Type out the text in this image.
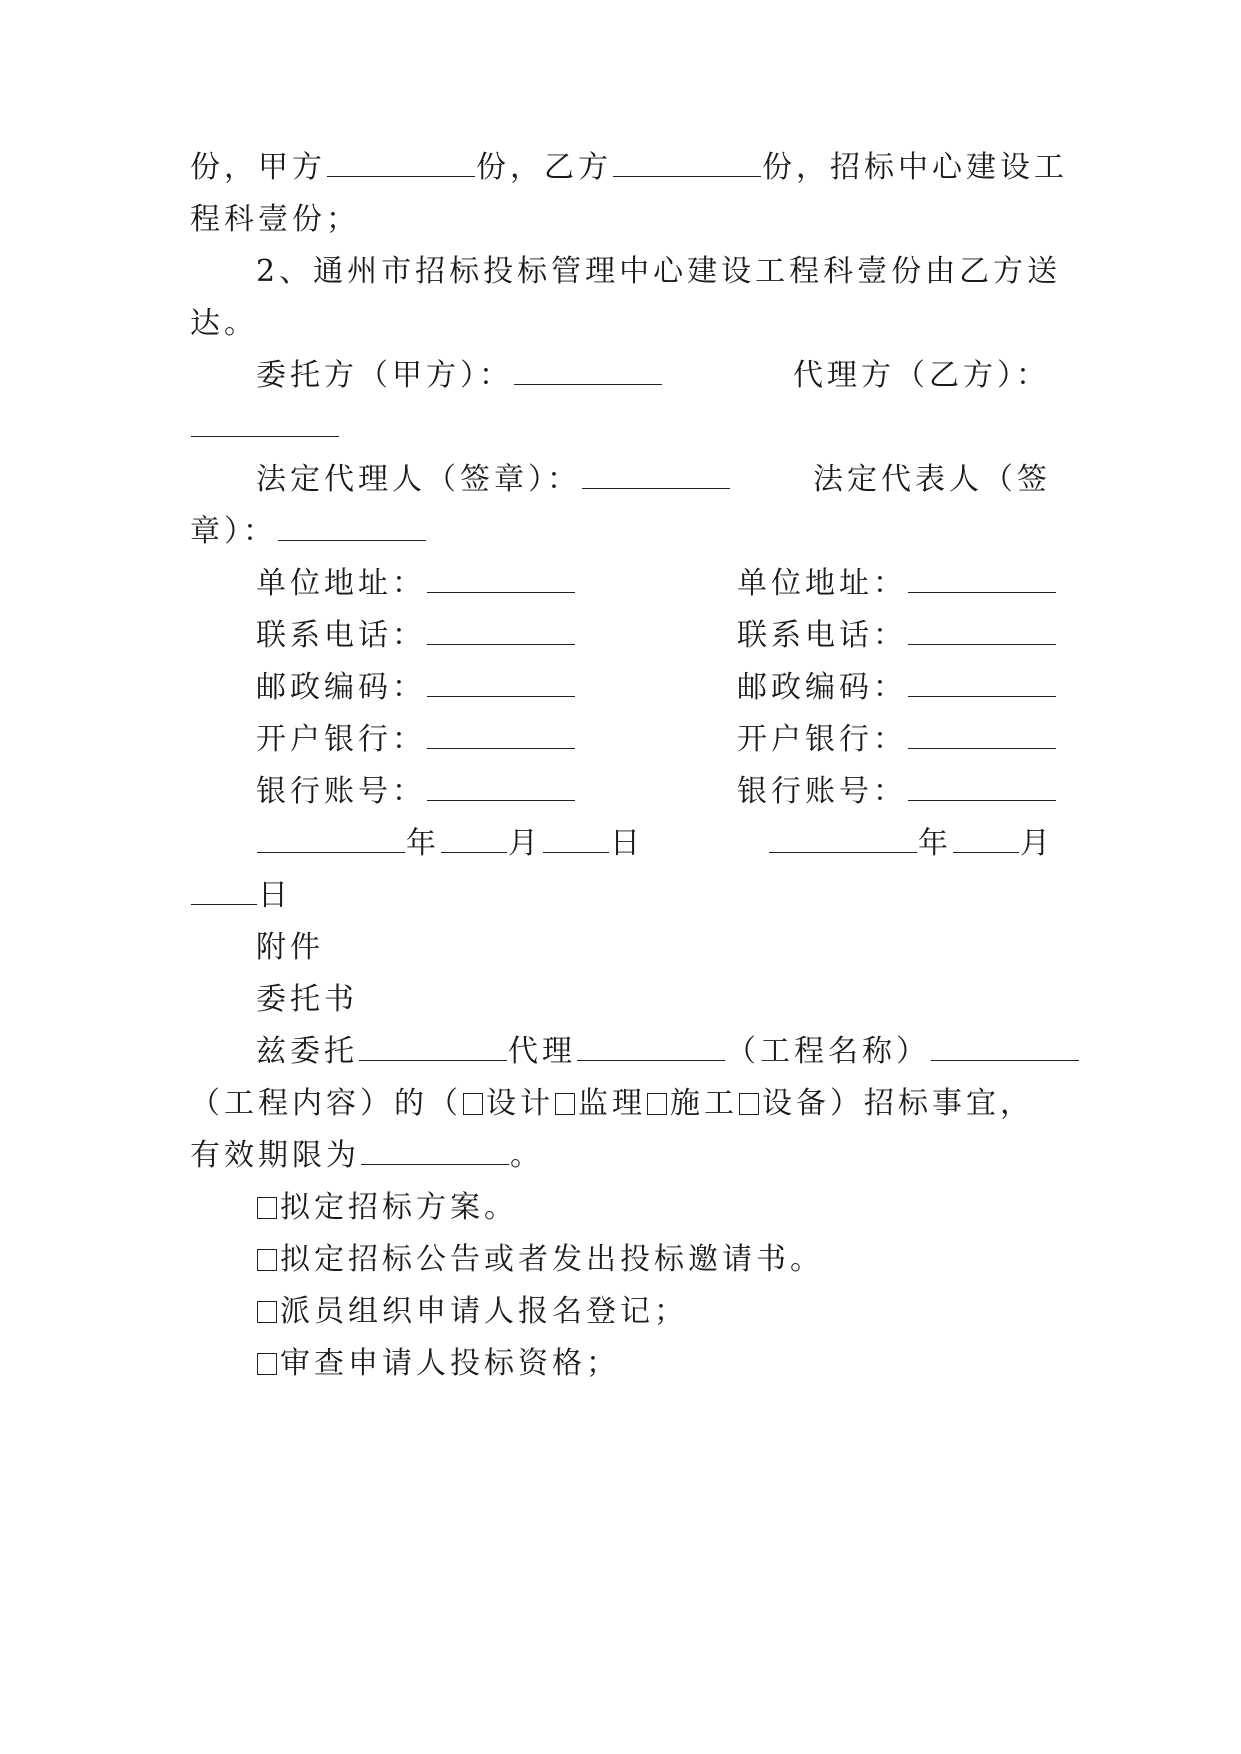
份，甲方	份，乙方	份，招标中心建设工
程科壹份；
2、通州市招标投标管理中心建设工程科壹份由乙方送
达。
委托方（甲方）：	代理方（乙方）：
法定代理人（签章）：	法定代表人（签
章）：
单位地址：	单位地址：
联系电话：	联系电话：
邮政编码：	邮政编码：
开户银行：	开户银行：
银行账号：	银行账号：
年 月 日	年 月
日
附件
委托书
兹委托	代理	（工程名称）
（工程内容）的（ 设计 监理 施工 设备）招标事宜，
有效期限为	。
拟定招标方案。
拟定招标公告或者发出投标邀请书。
派员组织申请人报名登记；
审查申请人投标资格；
